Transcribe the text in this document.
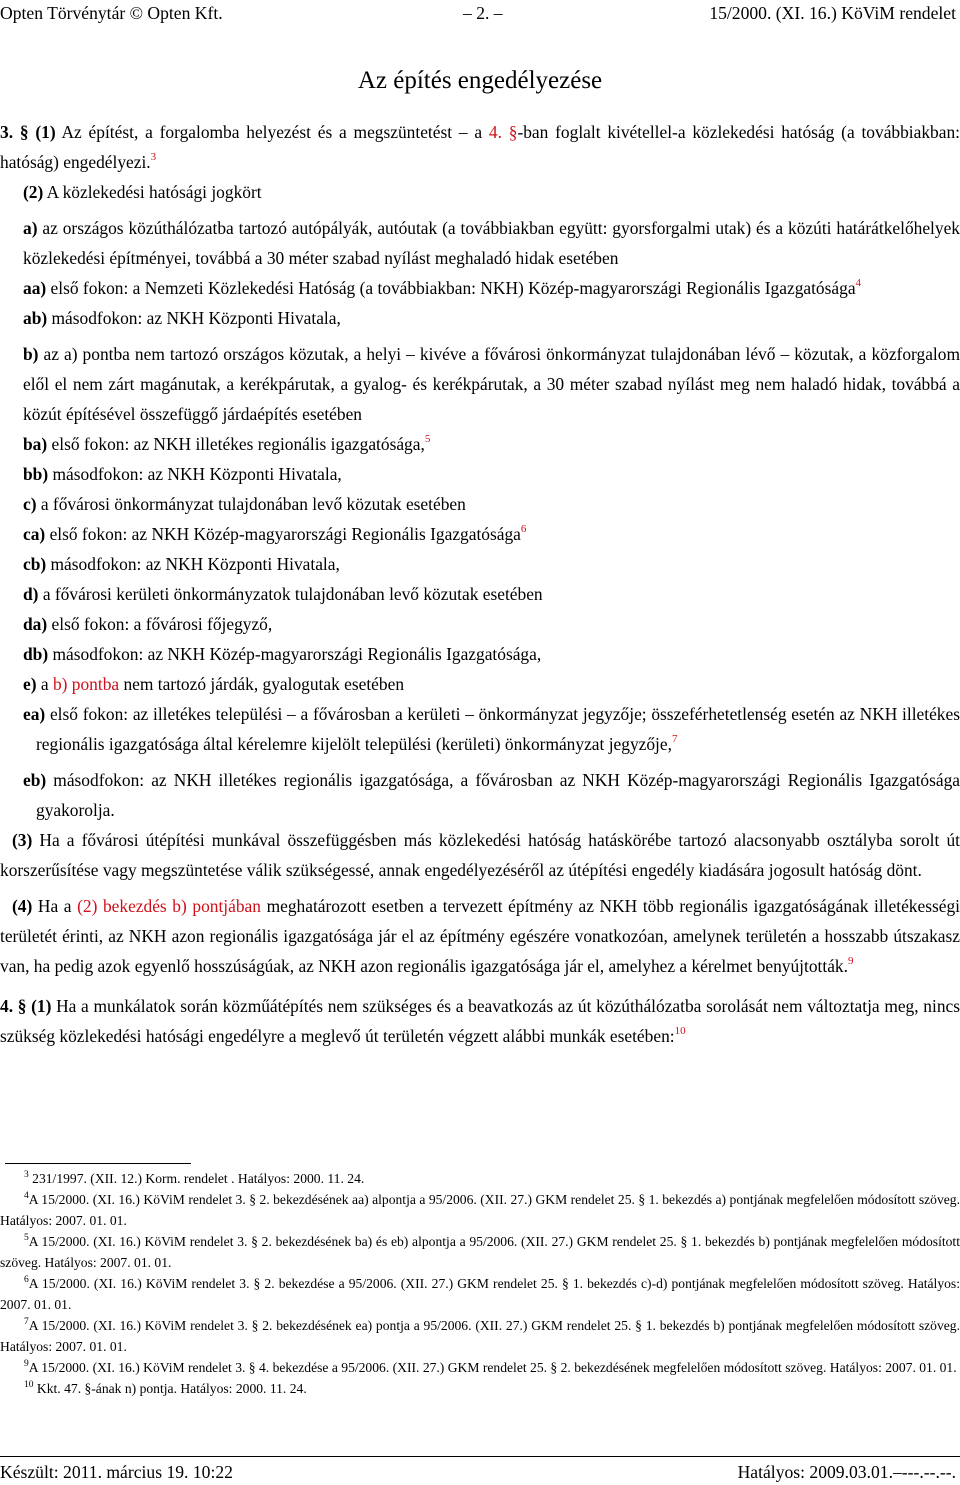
Opten Törvénytár © Opten Kft.	– 2. –	15/2000. (XI. 16.) KöViM rendelet
Az építés engedélyezése

3. § (1) Az építést, a forgalomba helyezést és a megszüntetést – a 4. §-ban foglalt kivétellel-a közlekedési hatóság (a továbbiakban: hatóság) engedélyezi.$^3$

(2) A közlekedési hatósági jogkört

a) az országos közúthálózatba tartozó autópályák, autóutak (a továbbiakban együtt: gyorsforgalmi utak) és a közúti határátkelőhelyek közlekedési építményei, továbbá a 30 méter szabad nyílást meghaladó hidak esetében

aa) első fokon: a Nemzeti Közlekedési Hatóság (a továbbiakban: NKH) Közép-magyarországi Regionális Igazgatósága$^4$

ab) másodfokon: az NKH Központi Hivatala,

b) az a) pontba nem tartozó országos közutak, a helyi – kivéve a fővárosi önkormányzat tulajdonában lévő – közutak, a közforgalom elől el nem zárt magánutak, a kerékpárutak, a gyalog- és kerékpárutak, a 30 méter szabad nyílást meg nem haladó hidak, továbbá a közút építésével összefüggő járdaépítés esetében

ba) első fokon: az NKH illetékes regionális igazgatósága,$^5$

bb) másodfokon: az NKH Központi Hivatala,

c) a fővárosi önkormányzat tulajdonában levő közutak esetében

ca) első fokon: az NKH Közép-magyarországi Regionális Igazgatósága$^6$

cb) másodfokon: az NKH Központi Hivatala,

d) a fővárosi kerületi önkormányzatok tulajdonában levő közutak esetében

da) első fokon: a fővárosi főjegyző,

db) másodfokon: az NKH Közép-magyarországi Regionális Igazgatósága,

e) a b) pontba nem tartozó járdák, gyalogutak esetében

ea) első fokon: az illetékes települési – a fővárosban a kerületi – önkormányzat jegyzője; összeférhetetlenség esetén az NKH illetékes regionális igazgatósága által kérelemre kijelölt települési (kerületi) önkormányzat jegyzője,$^7$

eb) másodfokon: az NKH illetékes regionális igazgatósága, a fővárosban az NKH Közép-magyarországi Regionális Igazgatósága gyakorolja.

(3) Ha a fővárosi útépítési munkával összefüggésben más közlekedési hatóság hatáskörébe tartozó alacsonyabb osztályba sorolt út korszerűsítése vagy megszüntetése válik szükségessé, annak engedélyezéséről az útépítési engedély kiadására jogosult hatóság dönt.

(4) Ha a (2) bekezdés b) pontjában meghatározott esetben a tervezett építmény az NKH több regionális igazgatóságának illetékességi területét érinti, az NKH azon regionális igazgatósága jár el az építmény egészére vonatkozóan, amelynek területén a hosszabb útszakasz van, ha pedig azok egyenlő hosszúságúak, az NKH azon regionális igazgatósága jár el, amelyhez a kérelmet benyújtották.$^9$

4. § (1) Ha a munkálatok során közműátépítés nem szükséges és a beavatkozás az út közúthálózatba sorolását nem változtatja meg, nincs szükség közlekedési hatósági engedélyre a meglevő út területén végzett alábbi munkák esetében:$^{10}$

$^3$ 231/1997. (XII. 12.) Korm. rendelet . Hatályos: 2000. 11. 24.

$^4$A 15/2000. (XI. 16.) KöViM rendelet 3. § 2. bekezdésének aa) alpontja a 95/2006. (XII. 27.) GKM rendelet 25. § 1. bekezdés a) pontjának megfelelően módosított szöveg. Hatályos: 2007. 01. 01.

$^5$A 15/2000. (XI. 16.) KöViM rendelet 3. § 2. bekezdésének ba) és eb) alpontja a 95/2006. (XII. 27.) GKM rendelet 25. § 1. bekezdés b) pontjának megfelelően módosított szöveg. Hatályos: 2007. 01. 01.

$^6$A 15/2000. (XI. 16.) KöViM rendelet 3. § 2. bekezdése a 95/2006. (XII. 27.) GKM rendelet 25. § 1. bekezdés c)-d) pontjának megfelelően módosított szöveg. Hatályos: 2007. 01. 01.

$^7$A 15/2000. (XI. 16.) KöViM rendelet 3. § 2. bekezdésének ea) pontja a 95/2006. (XII. 27.) GKM rendelet 25. § 1. bekezdés b) pontjának megfelelően módosított szöveg. Hatályos: 2007. 01. 01.

$^9$A 15/2000. (XI. 16.) KöViM rendelet 3. § 4. bekezdése a 95/2006. (XII. 27.) GKM rendelet 25. § 2. bekezdésének megfelelően módosított szöveg. Hatályos: 2007. 01. 01.

$^{10}$ Kkt. 47. §-ának n) pontja. Hatályos: 2000. 11. 24.

Készült: 2011. március 19. 10:22	Hatályos: 2009.03.01.–---.--.--.
